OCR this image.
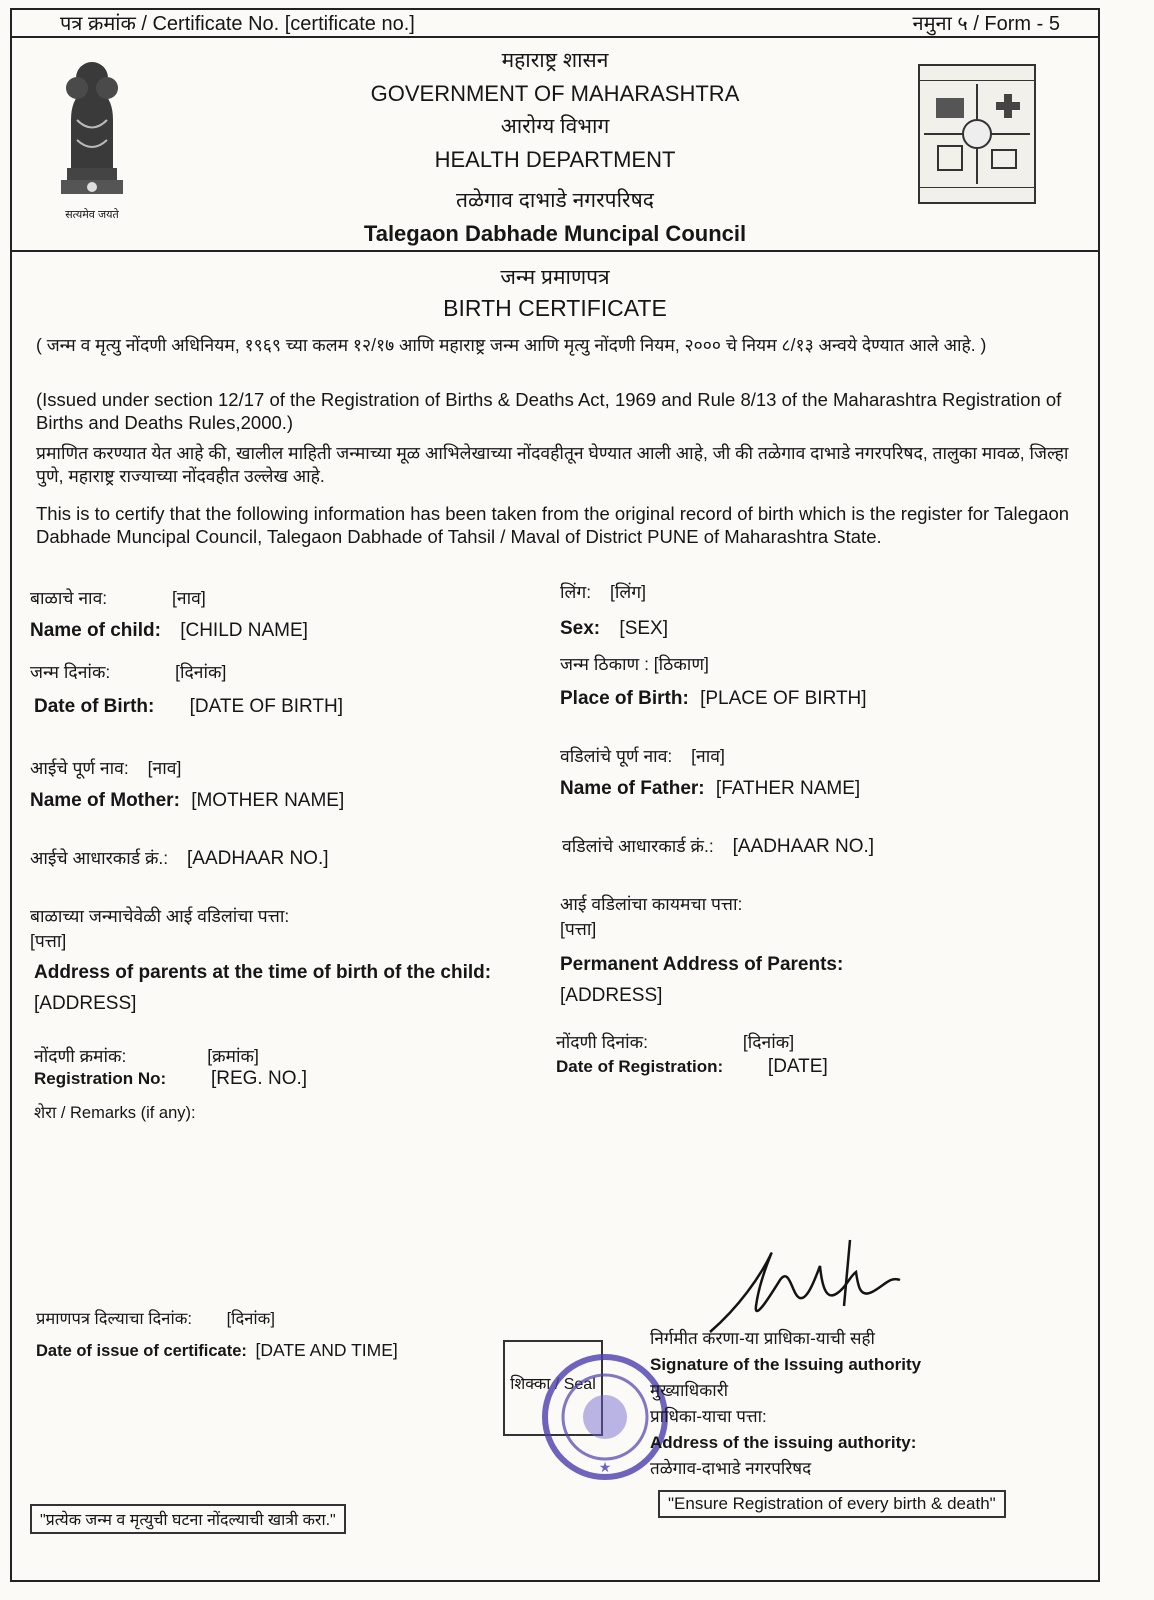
पत्र क्रमांक / Certificate No. [certificate no.]	नमुना ५ / Form - 5
सत्यमेव जयते
महाराष्ट्र शासन
GOVERNMENT OF MAHARASHTRA
आरोग्य विभाग
HEALTH DEPARTMENT
तळेगाव दाभाडे नगरपरिषद
Talegaon Dabhade Muncipal Council
जन्म प्रमाणपत्र
BIRTH CERTIFICATE
( जन्म व मृत्यु नोंदणी अधिनियम, १९६९ च्या कलम १२/१७ आणि महाराष्ट्र जन्म आणि मृत्यु नोंदणी नियम, २००० चे नियम ८/१३ अन्वये देण्यात आले आहे. )
(Issued under section 12/17 of the Registration of Births & Deaths Act, 1969 and Rule 8/13 of the Maharashtra Registration of Births and Deaths Rules,2000.)
प्रमाणित करण्यात येत आहे की, खालील माहिती जन्माच्या मूळ आभिलेखाच्या नोंदवहीतून घेण्यात आली आहे, जी की तळेगाव दाभाडे नगरपरिषद, तालुका मावळ, जिल्हा पुणे, महाराष्ट्र राज्याच्या नोंदवहीत उल्लेख आहे.
This is to certify that the following information has been taken from the original record of birth which is the register for Talegaon Dabhade Muncipal Council, Talegaon Dabhade of Tahsil / Maval of District PUNE of Maharashtra State.
बाळाचे नाव:	[नाव]
Name of child: [CHILD NAME]
लिंग: [लिंग]
Sex: [SEX]
जन्म दिनांक:	[दिनांक]
Date of Birth: [DATE OF BIRTH]
जन्म ठिकाण : [ठिकाण]
Place of Birth: [PLACE OF BIRTH]
आईचे पूर्ण नाव: [नाव]
Name of Mother: [MOTHER NAME]
वडिलांचे पूर्ण नाव: [नाव]
Name of Father: [FATHER NAME]
आईचे आधारकार्ड क्रं.: [AADHAAR NO.]
वडिलांचे आधारकार्ड क्रं.: [AADHAAR NO.]
बाळाच्या जन्माचेवेळी आई वडिलांचा पत्ता:
[पत्ता]
Address of parents at the time of birth of the child:
[ADDRESS]
आई वडिलांचा कायमचा पत्ता:
[पत्ता]
Permanent Address of Parents:
[ADDRESS]
नोंदणी क्रमांक:	[क्रमांक]
Registration No: [REG. NO.]
नोंदणी दिनांक:	[दिनांक]
Date of Registration: [DATE]
शेरा / Remarks (if any):
प्रमाणपत्र दिल्याचा दिनांक: [दिनांक]
Date of issue of certificate: [DATE AND TIME]
शिक्का / Seal
★
निर्गमीत करणा-या प्राधिका-याची सही
Signature of the Issuing authority
मुख्याधिकारी
प्राधिका-याचा पत्ता:
Address of the issuing authority:
तळेगाव-दाभाडे नगरपरिषद
"प्रत्येक जन्म व मृत्युची घटना नोंदल्याची खात्री करा."
"Ensure Registration of every birth & death"
